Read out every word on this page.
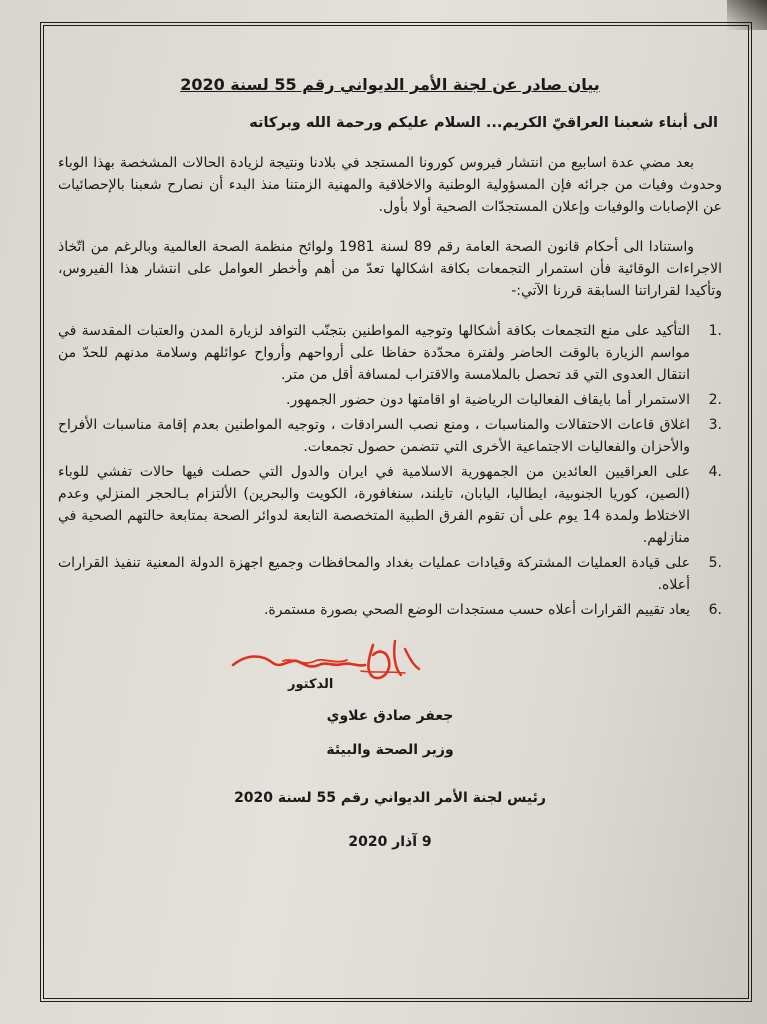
بيان صادر عن لجنة الأمر الديواني رقم 55 لسنة 2020

الى أبناء شعبنا العراقيّ الكريم... السلام عليكم ورحمة الله وبركاته

بعد مضي عدة اسابيع من انتشار فيروس كورونا المستجد في بلادنا ونتيجة لزيادة الحالات المشخصة بهذا الوباء وحدوث وفيات من جرائه فإن المسؤولية الوطنية والاخلاقية والمهنية الزمتنا منذ البدء أن نصارح شعبنا بالإحصائيات عن الإصابات والوفيات وإعلان المستجدّات الصحية أولا بأول.

واستنادا الى أحكام قانون الصحة العامة رقم 89 لسنة 1981 ولوائح منظمة الصحة العالمية وبالرغم من اتّخاذ الاجراءات الوقائية فأن استمرار التجمعات بكافة اشكالها تعدّ من أهم وأخطر العوامل على انتشار هذا الفيروس، وتأكيدا لقراراتنا السابقة قررنا الآتي:-

.1
التأكيد على منع التجمعات بكافة أشكالها وتوجيه المواطنين بتجنّب التوافد لزيارة المدن والعتبات المقدسة في مواسم الزيارة بالوقت الحاضر ولفترة محدّدة حفاظا على أرواحهم وأرواح عوائلهم وسلامة مدنهم للحدّ من انتقال العدوى التي قد تحصل بالملامسة والاقتراب لمسافة أقل من متر.
.2
الاستمرار أما بايقاف الفعاليات الرياضية او اقامتها دون حضور الجمهور.
.3
اغلاق قاعات الاحتفالات والمناسبات ، ومنع نصب السرادقات ، وتوجيه المواطنين بعدم إقامة مناسبات الأفراح والأحزان والفعاليات الاجتماعية الأخرى التي تتضمن حصول تجمعات.
.4
على العراقيين العائدين من الجمهورية الاسلامية في ايران والدول التي حصلت فيها حالات تفشي للوباء (الصين، كوريا الجنوبية، ايطاليا، اليابان، تايلند، سنغافورة، الكويت والبحرين) الألتزام بـالحجر المنزلي وعدم الاختلاط ولمدة 14 يوم على أن تقوم الفرق الطبية المتخصصة التابعة لدوائر الصحة بمتابعة حالتهم الصحية في منازلهم.
.5
على قيادة العمليات المشتركة وقيادات عمليات بغداد والمحافظات وجميع اجهزة الدولة المعنية تنفيذ القرارات أعلاه.
.6
يعاد تقييم القرارات أعلاه حسب مستجدات الوضع الصحي بصورة مستمرة.
الدكتور

جعفر صادق علاوي

وزير الصحة والبيئة

رئيس لجنة الأمر الديواني رقم 55 لسنة 2020

9 آذار 2020
